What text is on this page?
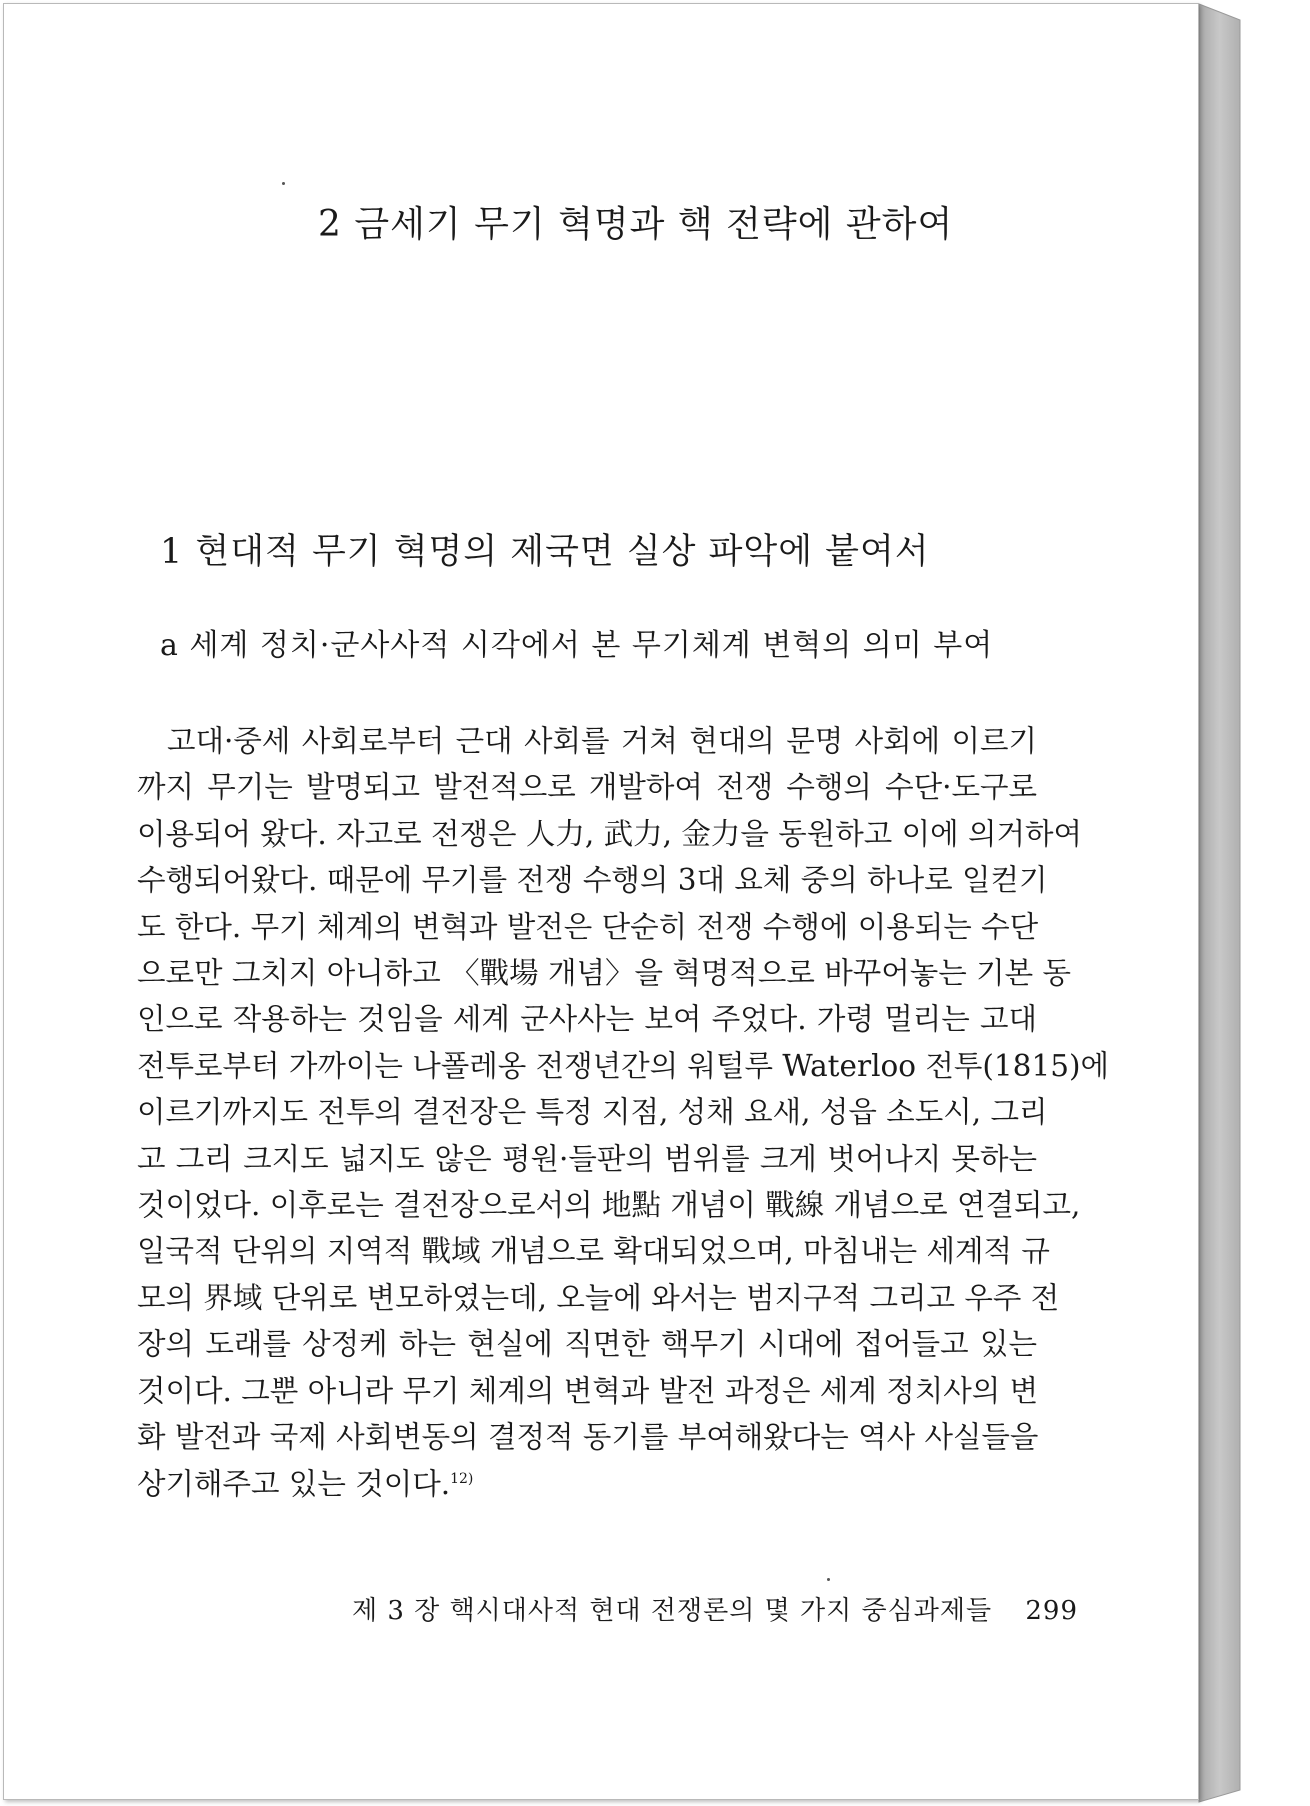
2 금세기 무기 혁명과 핵 전략에 관하여
1 현대적 무기 혁명의 제국면 실상 파악에 붙여서
a 세계 정치·군사사적 시각에서 본 무기체계 변혁의 의미 부여
고대·중세 사회로부터 근대 사회를 거쳐 현대의 문명 사회에 이르기
까지 무기는 발명되고 발전적으로 개발하여 전쟁 수행의 수단·도구로
이용되어 왔다. 자고로 전쟁은 人力, 武力, 金力을 동원하고 이에 의거하여
수행되어왔다. 때문에 무기를 전쟁 수행의 3대 요체 중의 하나로 일컫기
도 한다. 무기 체계의 변혁과 발전은 단순히 전쟁 수행에 이용되는 수단
으로만 그치지 아니하고 〈戰場 개념〉을 혁명적으로 바꾸어놓는 기본 동
인으로 작용하는 것임을 세계 군사사는 보여 주었다. 가령 멀리는 고대
전투로부터 가까이는 나폴레옹 전쟁년간의 워털루 Waterloo 전투(1815)에
이르기까지도 전투의 결전장은 특정 지점, 성채 요새, 성읍 소도시, 그리
고 그리 크지도 넓지도 않은 평원·들판의 범위를 크게 벗어나지 못하는
것이었다. 이후로는 결전장으로서의 地點 개념이 戰線 개념으로 연결되고,
일국적 단위의 지역적 戰域 개념으로 확대되었으며, 마침내는 세계적 규
모의 界域 단위로 변모하였는데, 오늘에 와서는 범지구적 그리고 우주 전
장의 도래를 상정케 하는 현실에 직면한 핵무기 시대에 접어들고 있는
것이다. 그뿐 아니라 무기 체계의 변혁과 발전 과정은 세계 정치사의 변
화 발전과 국제 사회변동의 결정적 동기를 부여해왔다는 역사 사실들을
상기해주고 있는 것이다.$^{12)}$
제 3 장 핵시대사적 현대 전쟁론의 몇 가지 중심과제들 299
